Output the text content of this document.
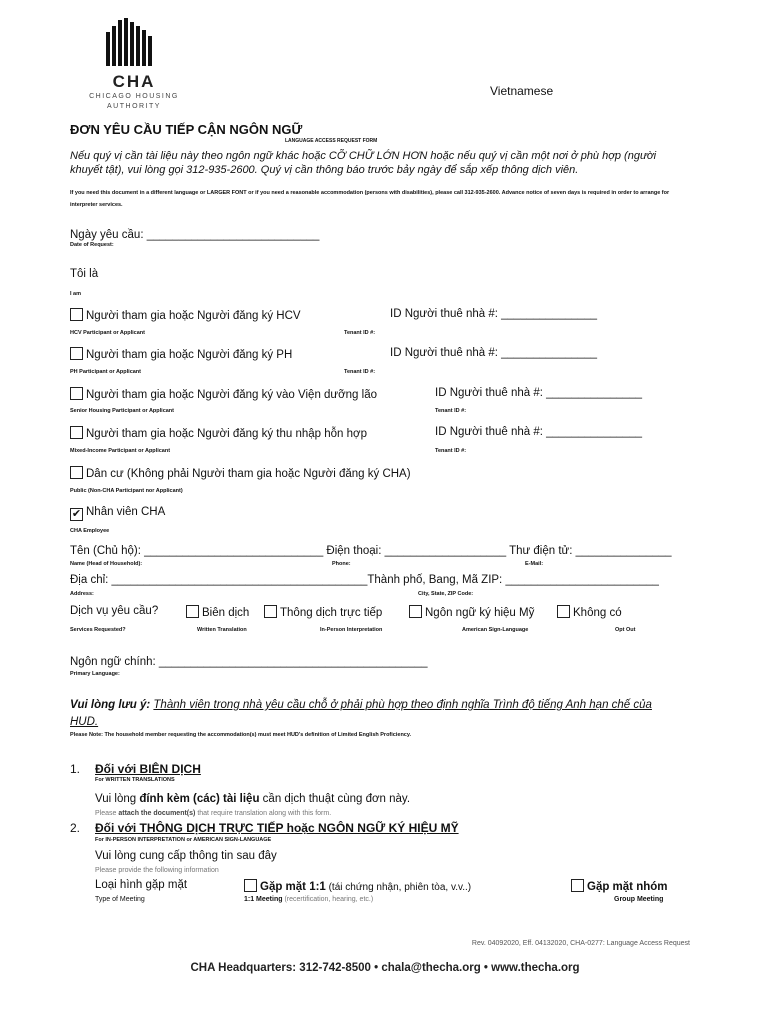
CHA
CHICAGO HOUSING
AUTHORITY
Vietnamese
ĐƠN YÊU CẦU TIẾP CẬN NGÔN NGỮ
LANGUAGE ACCESS REQUEST FORM
Nếu quý vị cần tài liệu này theo ngôn ngữ khác hoặc CỠ CHỮ LỚN HƠN hoặc nếu quý vị cần một nơi ở phù hợp (người khuyết tật), vui lòng gọi 312-935-2600. Quý vị cần thông báo trước bảy ngày để sắp xếp thông dịch viên.
If you need this document in a different language or LARGER FONT or if you need a reasonable accommodation (persons with disabilities), please call 312-935-2600. Advance notice of seven days is required in order to arrange for interpreter services.
Ngày yêu cầu: ___________________________
Date of Request:
Tôi là
I am
Người tham gia hoặc Người đăng ký HCV	ID Người thuê nhà #: _______________
HCV Participant or Applicant	Tenant ID #:
Người tham gia hoặc Người đăng ký PH	ID Người thuê nhà #: _______________
PH Participant or Applicant	Tenant ID #:
Người tham gia hoặc Người đăng ký vào Viện dưỡng lão	ID Người thuê nhà #: _______________
Senior Housing Participant or Applicant	Tenant ID #:
Người tham gia hoặc Người đăng ký thu nhập hỗn hợp	ID Người thuê nhà #: _______________
Mixed-Income Participant or Applicant	Tenant ID #:
Dân cư (Không phải Người tham gia hoặc Người đăng ký CHA)
Public (Non-CHA Participant nor Applicant)
✔ Nhân viên CHA
CHA Employee
Tên (Chủ hộ): ____________________________ Điện thoại: ___________________ Thư điện tử: _______________
Name (Head of Household):	Phone:	E-Mail:
Địa chỉ: ________________________________________Thành phố, Bang, Mã ZIP: ________________________
Address:	City, State, ZIP Code:
Dịch vụ yêu cầu?	Biên dịch	Thông dịch trực tiếp	Ngôn ngữ ký hiệu Mỹ	Không có
Services Requested?	Written Translation	In-Person Interpretation	American Sign-Language	Opt Out
Ngôn ngữ chính: __________________________________________
Primary Language:
Vui lòng lưu ý: Thành viên trong nhà yêu cầu chỗ ở phải phù hợp theo định nghĩa Trình độ tiếng Anh hạn chế của HUD.
Please Note: The household member requesting the accommodation(s) must meet HUD's definition of Limited English Proficiency.
1. Đối với BIÊN DỊCH
For WRITTEN TRANSLATIONS
Vui lòng đính kèm (các) tài liệu cần dịch thuật cùng đơn này.
Please attach the document(s) that require translation along with this form.
2. Đối với THÔNG DỊCH TRỰC TIẾP hoặc NGÔN NGỮ KÝ HIỆU MỸ
For IN-PERSON INTERPRETATION or AMERICAN SIGN-LANGUAGE
Vui lòng cung cấp thông tin sau đây
Please provide the following information
Loại hình gặp mặt	Gặp mặt 1:1 (tái chứng nhận, phiên tòa, v.v..)	Gặp mặt nhóm
Type of Meeting	1:1 Meeting (recertification, hearing, etc.)	Group Meeting
Rev. 04092020, Eff. 04132020, CHA-0277: Language Access Request
CHA Headquarters: 312-742-8500 • chala@thecha.org • www.thecha.org
